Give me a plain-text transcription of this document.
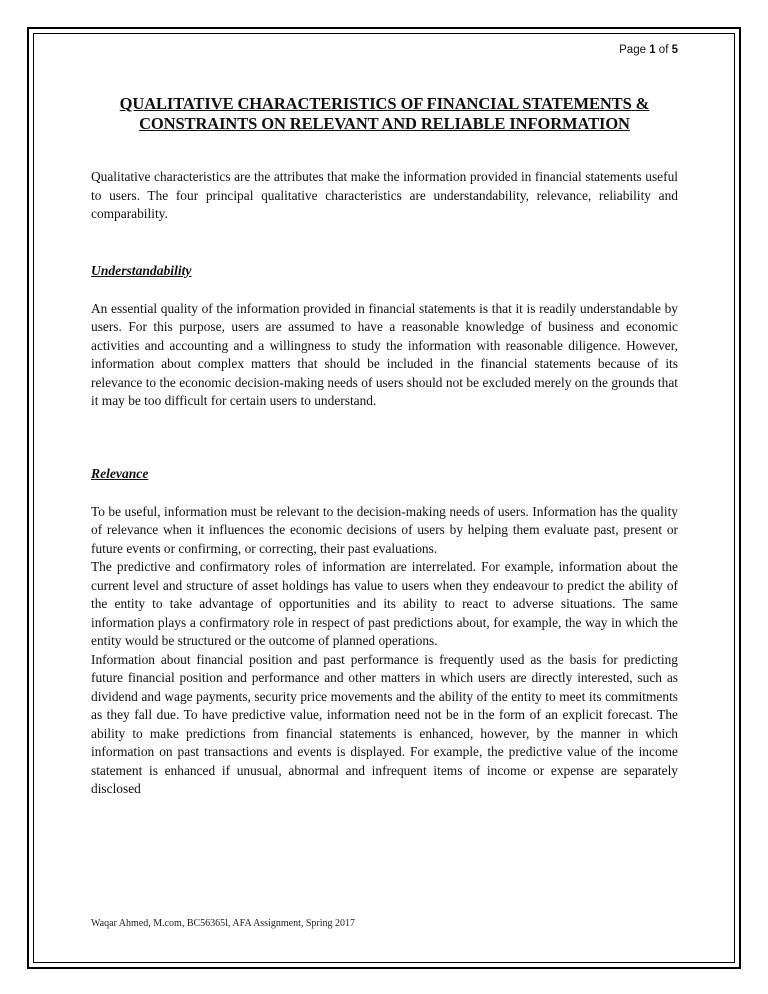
Page 1 of 5
QUALITATIVE CHARACTERISTICS OF FINANCIAL STATEMENTS & CONSTRAINTS ON RELEVANT AND RELIABLE INFORMATION

Qualitative characteristics are the attributes that make the information provided in financial statements useful to users. The four principal qualitative characteristics are understandability, relevance, reliability and comparability.

Understandability

An essential quality of the information provided in financial statements is that it is readily understandable by users. For this purpose, users are assumed to have a reasonable knowledge of business and economic activities and accounting and a willingness to study the information with reasonable diligence. However, information about complex matters that should be included in the financial statements because of its relevance to the economic decision-making needs of users should not be excluded merely on the grounds that it may be too difficult for certain users to understand.

Relevance

To be useful, information must be relevant to the decision-making needs of users. Information has the quality of relevance when it influences the economic decisions of users by helping them evaluate past, present or future events or confirming, or correcting, their past evaluations.

The predictive and confirmatory roles of information are interrelated. For example, information about the current level and structure of asset holdings has value to users when they endeavour to predict the ability of the entity to take advantage of opportunities and its ability to react to adverse situations. The same information plays a confirmatory role in respect of past predictions about, for example, the way in which the entity would be structured or the outcome of planned operations.

Information about financial position and past performance is frequently used as the basis for predicting future financial position and performance and other matters in which users are directly interested, such as dividend and wage payments, security price movements and the ability of the entity to meet its commitments as they fall due. To have predictive value, information need not be in the form of an explicit forecast. The ability to make predictions from financial statements is enhanced, however, by the manner in which information on past transactions and events is displayed. For example, the predictive value of the income statement is enhanced if unusual, abnormal and infrequent items of income or expense are separately disclosed

Waqar Ahmed, M.com, BC56365l, AFA Assignment, Spring 2017
